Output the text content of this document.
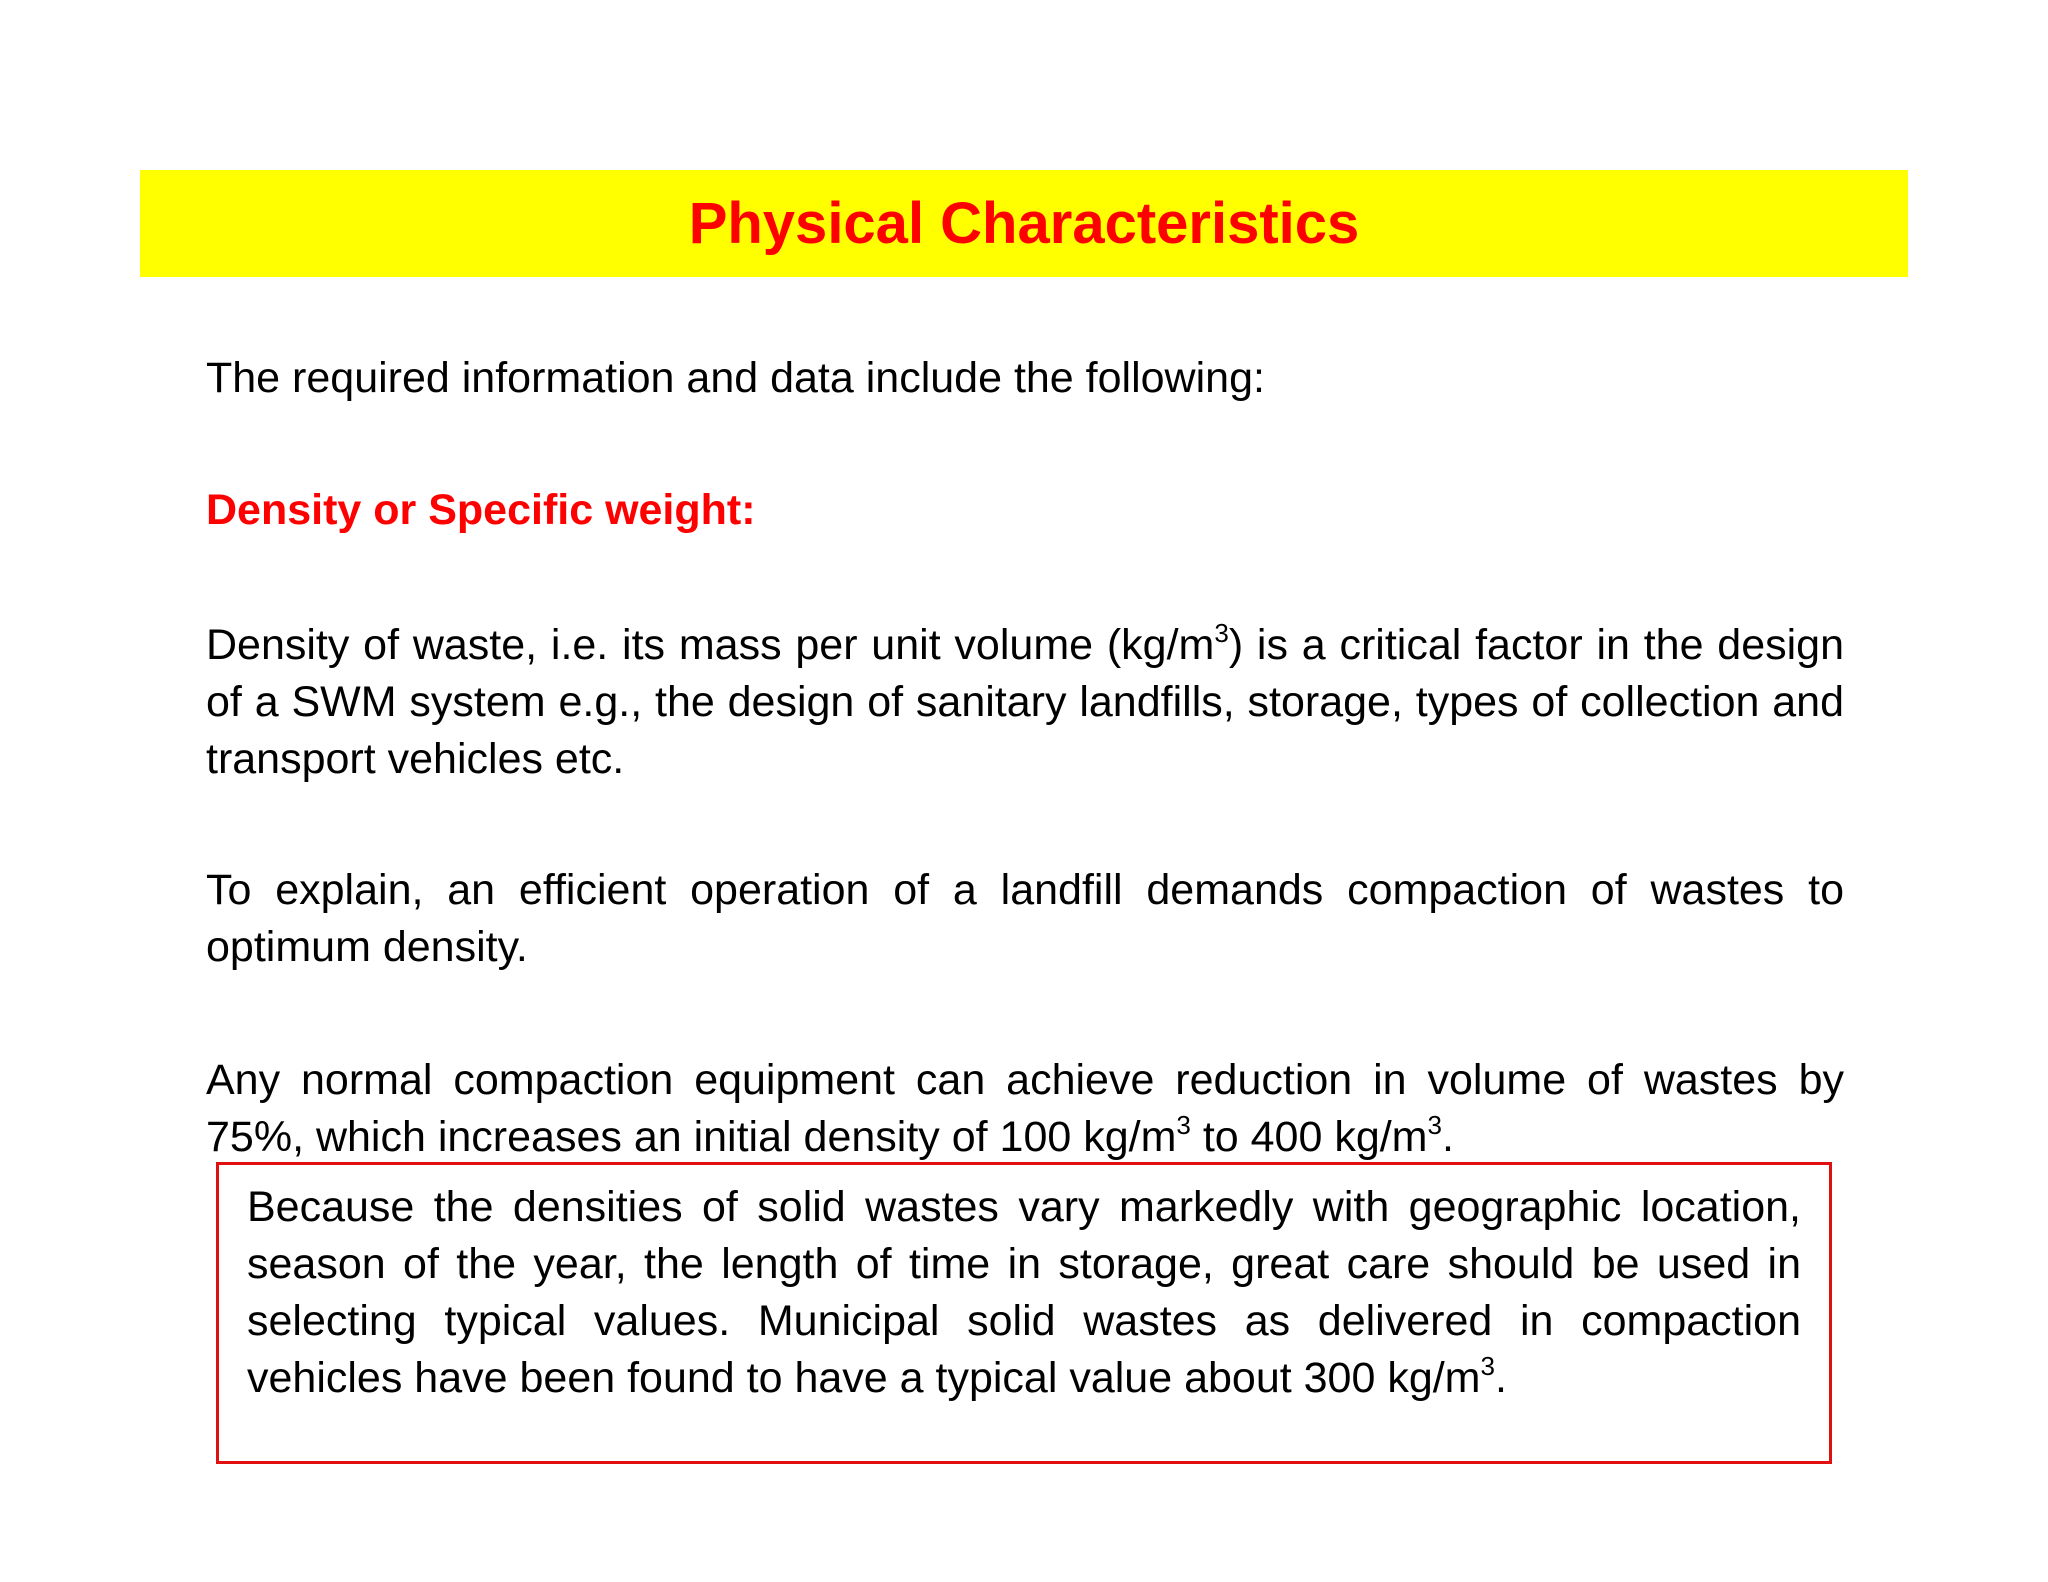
Physical Characteristics

The required information and data include the following:

Density or Specific weight:

Density of waste, i.e. its mass per unit volume $(kg/m^3)$ is a critical factor in the design of a SWM system e.g., the design of sanitary landfills, storage, types of collection and transport vehicles etc.

To explain, an efficient operation of a landfill demands compaction of wastes to optimum density.

Any normal compaction equipment can achieve reduction in volume of wastes by 75%, which increases an initial density of 100 $kg/m^3$ to 400 $kg/m^3$.

Because the densities of solid wastes vary markedly with geographic location, season of the year, the length of time in storage, great care should be used in selecting typical values. Municipal solid wastes as delivered in compaction vehicles have been found to have a typical value about 300 $kg/m^3$.
